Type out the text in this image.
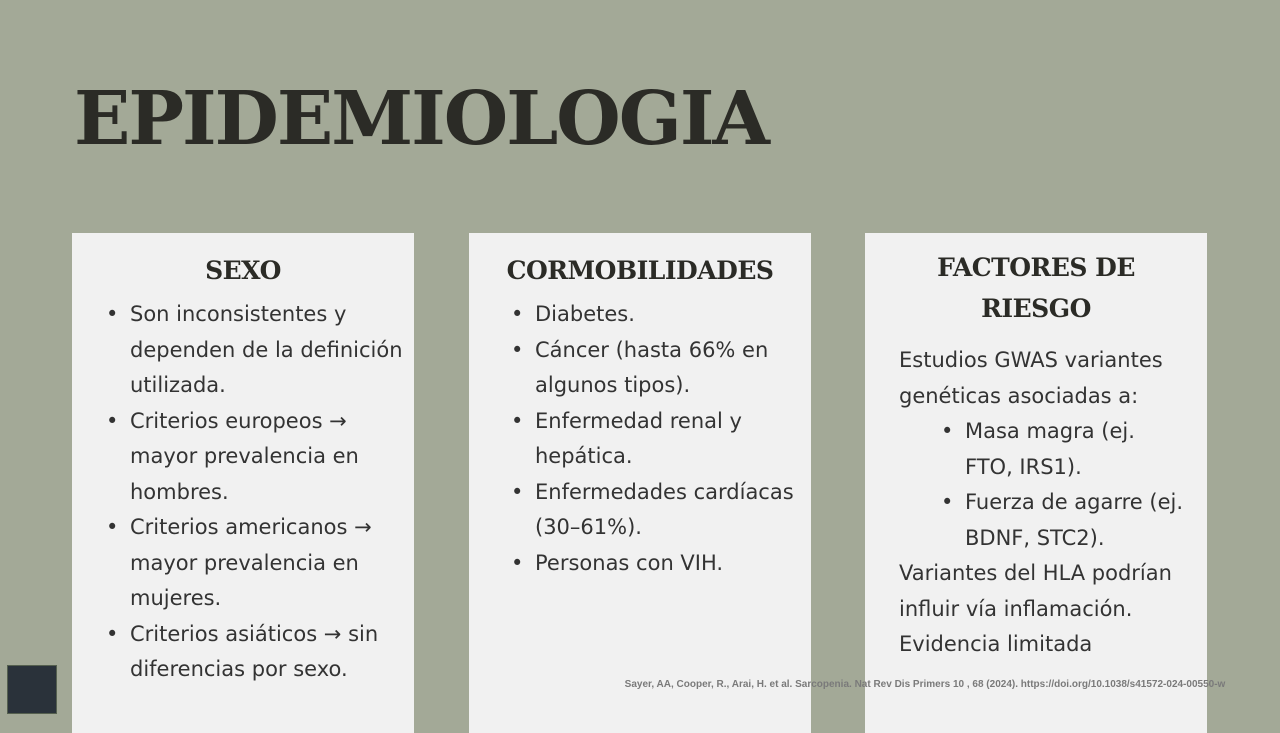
EPIDEMIOLOGIA
SEXO
• Son inconsistentes y dependen de la definición utilizada.
• Criterios europeos → mayor prevalencia en hombres.
• Criterios americanos → mayor prevalencia en mujeres.
• Criterios asiáticos → sin diferencias por sexo.
CORMOBILIDADES
• Diabetes.
• Cáncer (hasta 66% en algunos tipos).
• Enfermedad renal y hepática.
• Enfermedades cardíacas (30–61%).
• Personas con VIH.
FACTORES DE RIESGO

Estudios GWAS variantes genéticas asociadas a:

• Masa magra (ej. FTO, IRS1).
• Fuerza de agarre (ej. BDNF, STC2).

Variantes del HLA podrían influir vía inflamación.

Evidencia limitada

Sayer, AA, Cooper, R., Arai, H. et al. Sarcopenia. Nat Rev Dis Primers 10 , 68 (2024). https://doi.org/10.1038/s41572-024-00550-w
